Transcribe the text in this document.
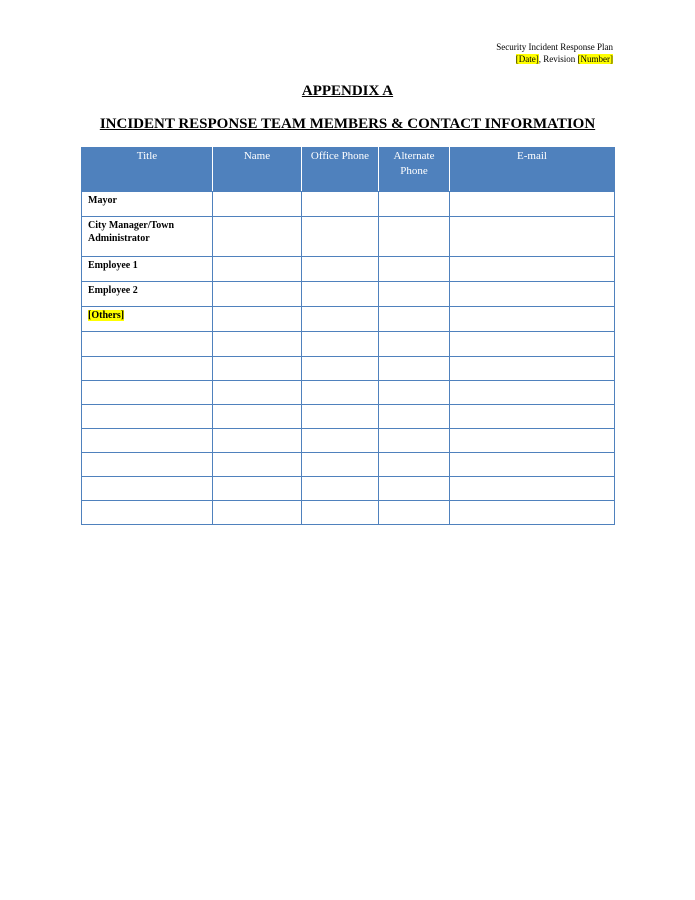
Security Incident Response Plan
[Date], Revision [Number]
APPENDIX A
INCIDENT RESPONSE TEAM MEMBERS & CONTACT INFORMATION
Title	Name	Office Phone	Alternate Phone	E-mail
Mayor				
City Manager/Town Administrator				
Employee 1				
Employee 2				
[Others]				
